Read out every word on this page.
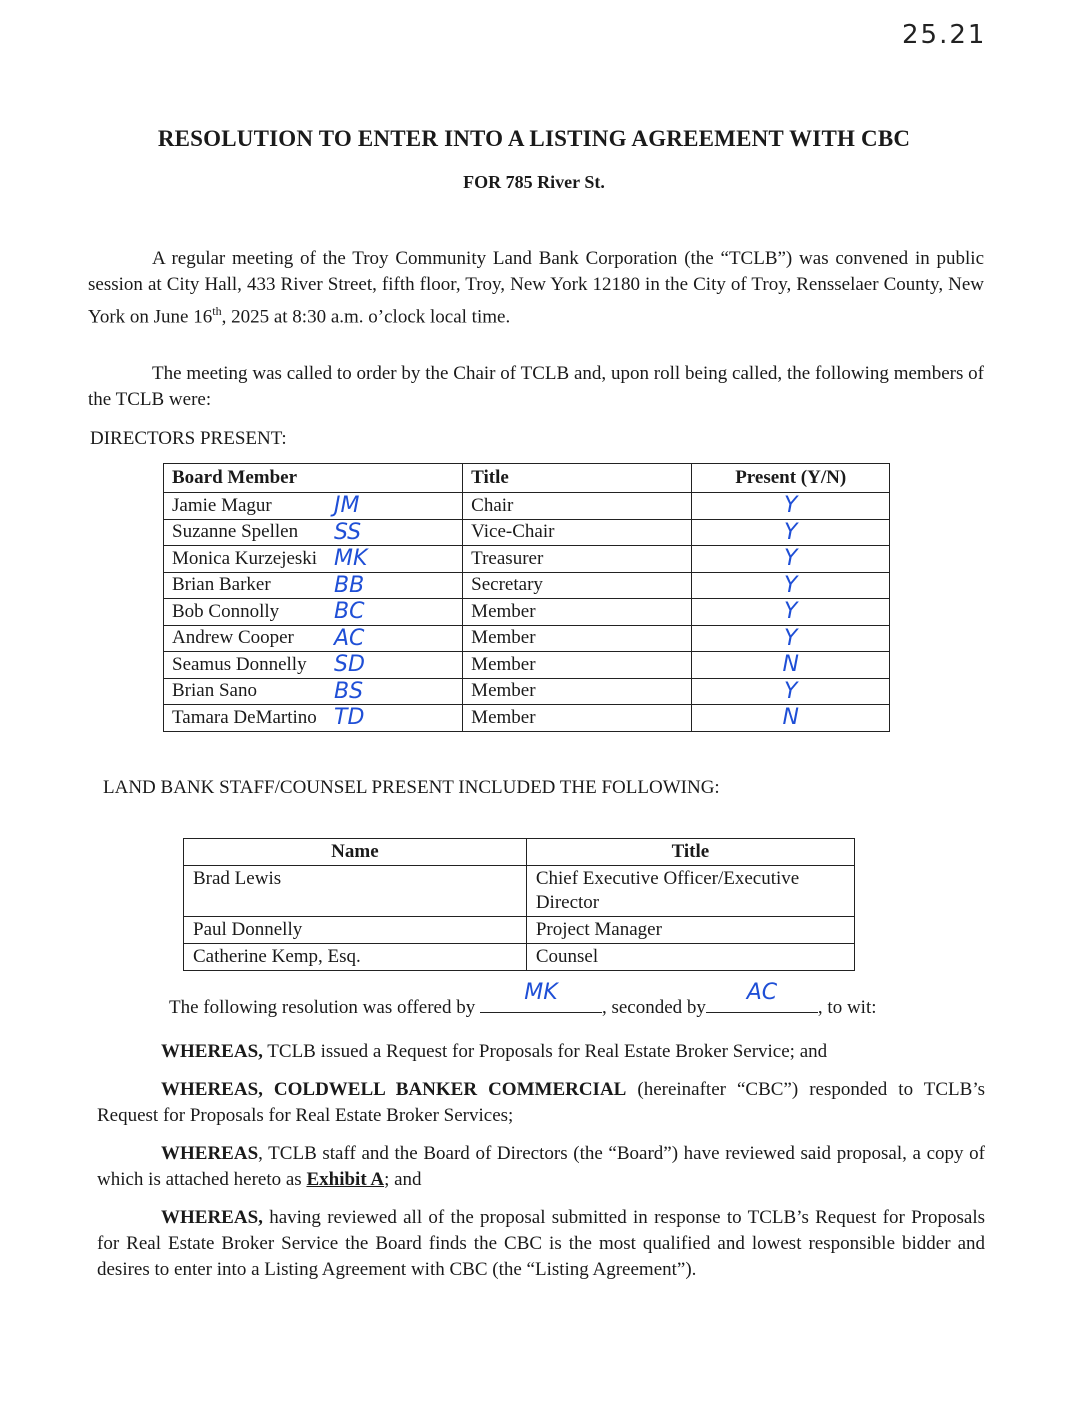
25.21
RESOLUTION TO ENTER INTO A LISTING AGREEMENT WITH CBC
FOR 785 River St.
A regular meeting of the Troy Community Land Bank Corporation (the “TCLB”) was convened in public session at City Hall, 433 River Street, fifth floor, Troy, New York 12180 in the City of Troy, Rensselaer County, New York on June 16th, 2025 at 8:30 a.m. o’clock local time.
The meeting was called to order by the Chair of TCLB and, upon roll being called, the following members of the TCLB were:
DIRECTORS PRESENT:
Board Member	Title	Present (Y/N)
Jamie Magur JM	Chair	Y
Suzanne Spellen SS	Vice-Chair	Y
Monica Kurzejeski MK	Treasurer	Y
Brian Barker BB	Secretary	Y
Bob Connolly BC	Member	Y
Andrew Cooper AC	Member	Y
Seamus Donnelly SD	Member	N
Brian Sano BS	Member	Y
Tamara DeMartino TD	Member	N
LAND BANK STAFF/COUNSEL PRESENT INCLUDED THE FOLLOWING:
Name	Title
Brad Lewis	Chief Executive Officer/Executive Director
Paul Donnelly	Project Manager
Catherine Kemp, Esq.	Counsel
The following resolution was offered by
MK
, seconded by
AC
, to wit:
WHEREAS, TCLB issued a Request for Proposals for Real Estate Broker Service; and
WHEREAS, COLDWELL BANKER COMMERCIAL (hereinafter “CBC”) responded to TCLB’s Request for Proposals for Real Estate Broker Services;
WHEREAS, TCLB staff and the Board of Directors (the “Board”) have reviewed said proposal, a copy of which is attached hereto as Exhibit A; and
WHEREAS, having reviewed all of the proposal submitted in response to TCLB’s Request for Proposals for Real Estate Broker Service the Board finds the CBC is the most qualified and lowest responsible bidder and desires to enter into a Listing Agreement with CBC (the “Listing Agreement”).
